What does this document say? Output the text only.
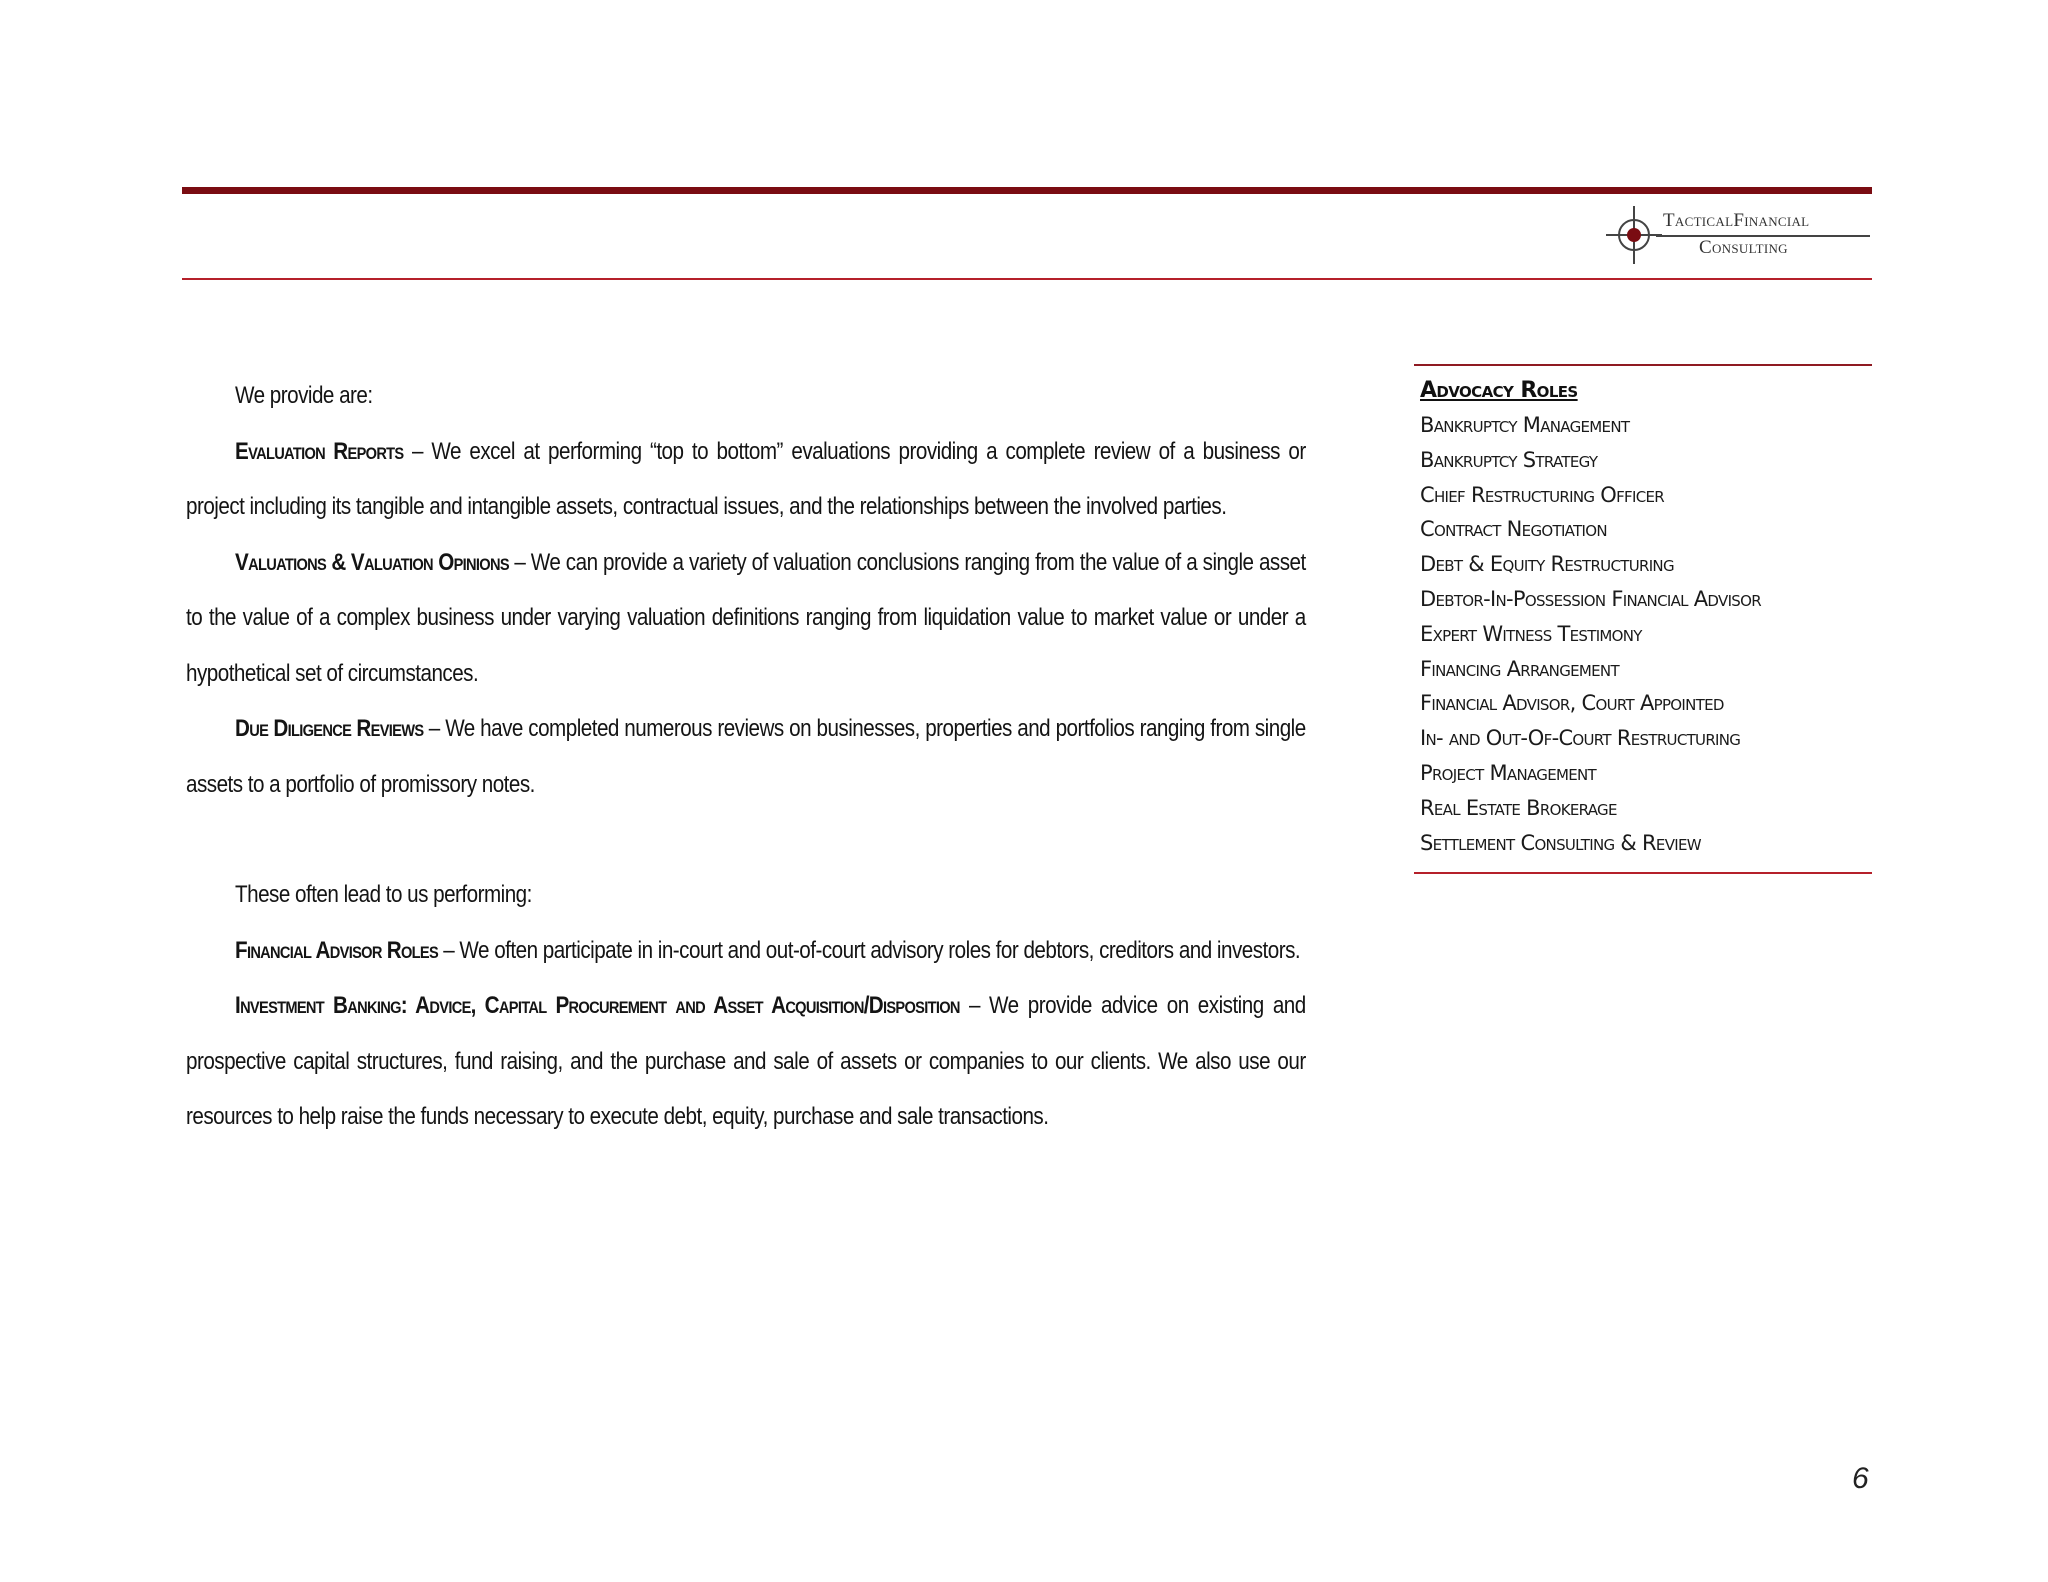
TacticalFinancial
Consulting

We provide are:

Evaluation Reports – We excel at performing “top to bottom” evaluations providing a complete review of a business or project including its tangible and intangible assets, contractual issues, and the relationships between the involved parties.

Valuations & Valuation Opinions – We can provide a variety of valuation conclusions ranging from the value of a single asset to the value of a complex business under varying valuation definitions ranging from liquidation value to market value or under a hypothetical set of circumstances.

Due Diligence Reviews – We have completed numerous reviews on businesses, properties and portfolios ranging from single assets to a portfolio of promissory notes.

These often lead to us performing:

Financial Advisor Roles – We often participate in in-court and out-of-court advisory roles for debtors, creditors and investors.

Investment Banking: Advice, Capital Procurement and Asset Acquisition/Disposition – We provide advice on existing and prospective capital structures, fund raising, and the purchase and sale of assets or companies to our clients. We also use our resources to help raise the funds necessary to execute debt, equity, purchase and sale transactions.

Advocacy Roles
Bankruptcy Management
Bankruptcy Strategy
Chief Restructuring Officer
Contract Negotiation
Debt & Equity Restructuring
Debtor-In-Possession Financial Advisor
Expert Witness Testimony
Financing Arrangement
Financial Advisor, Court Appointed
In- and Out-Of-Court Restructuring
Project Management
Real Estate Brokerage
Settlement Consulting & Review
6
